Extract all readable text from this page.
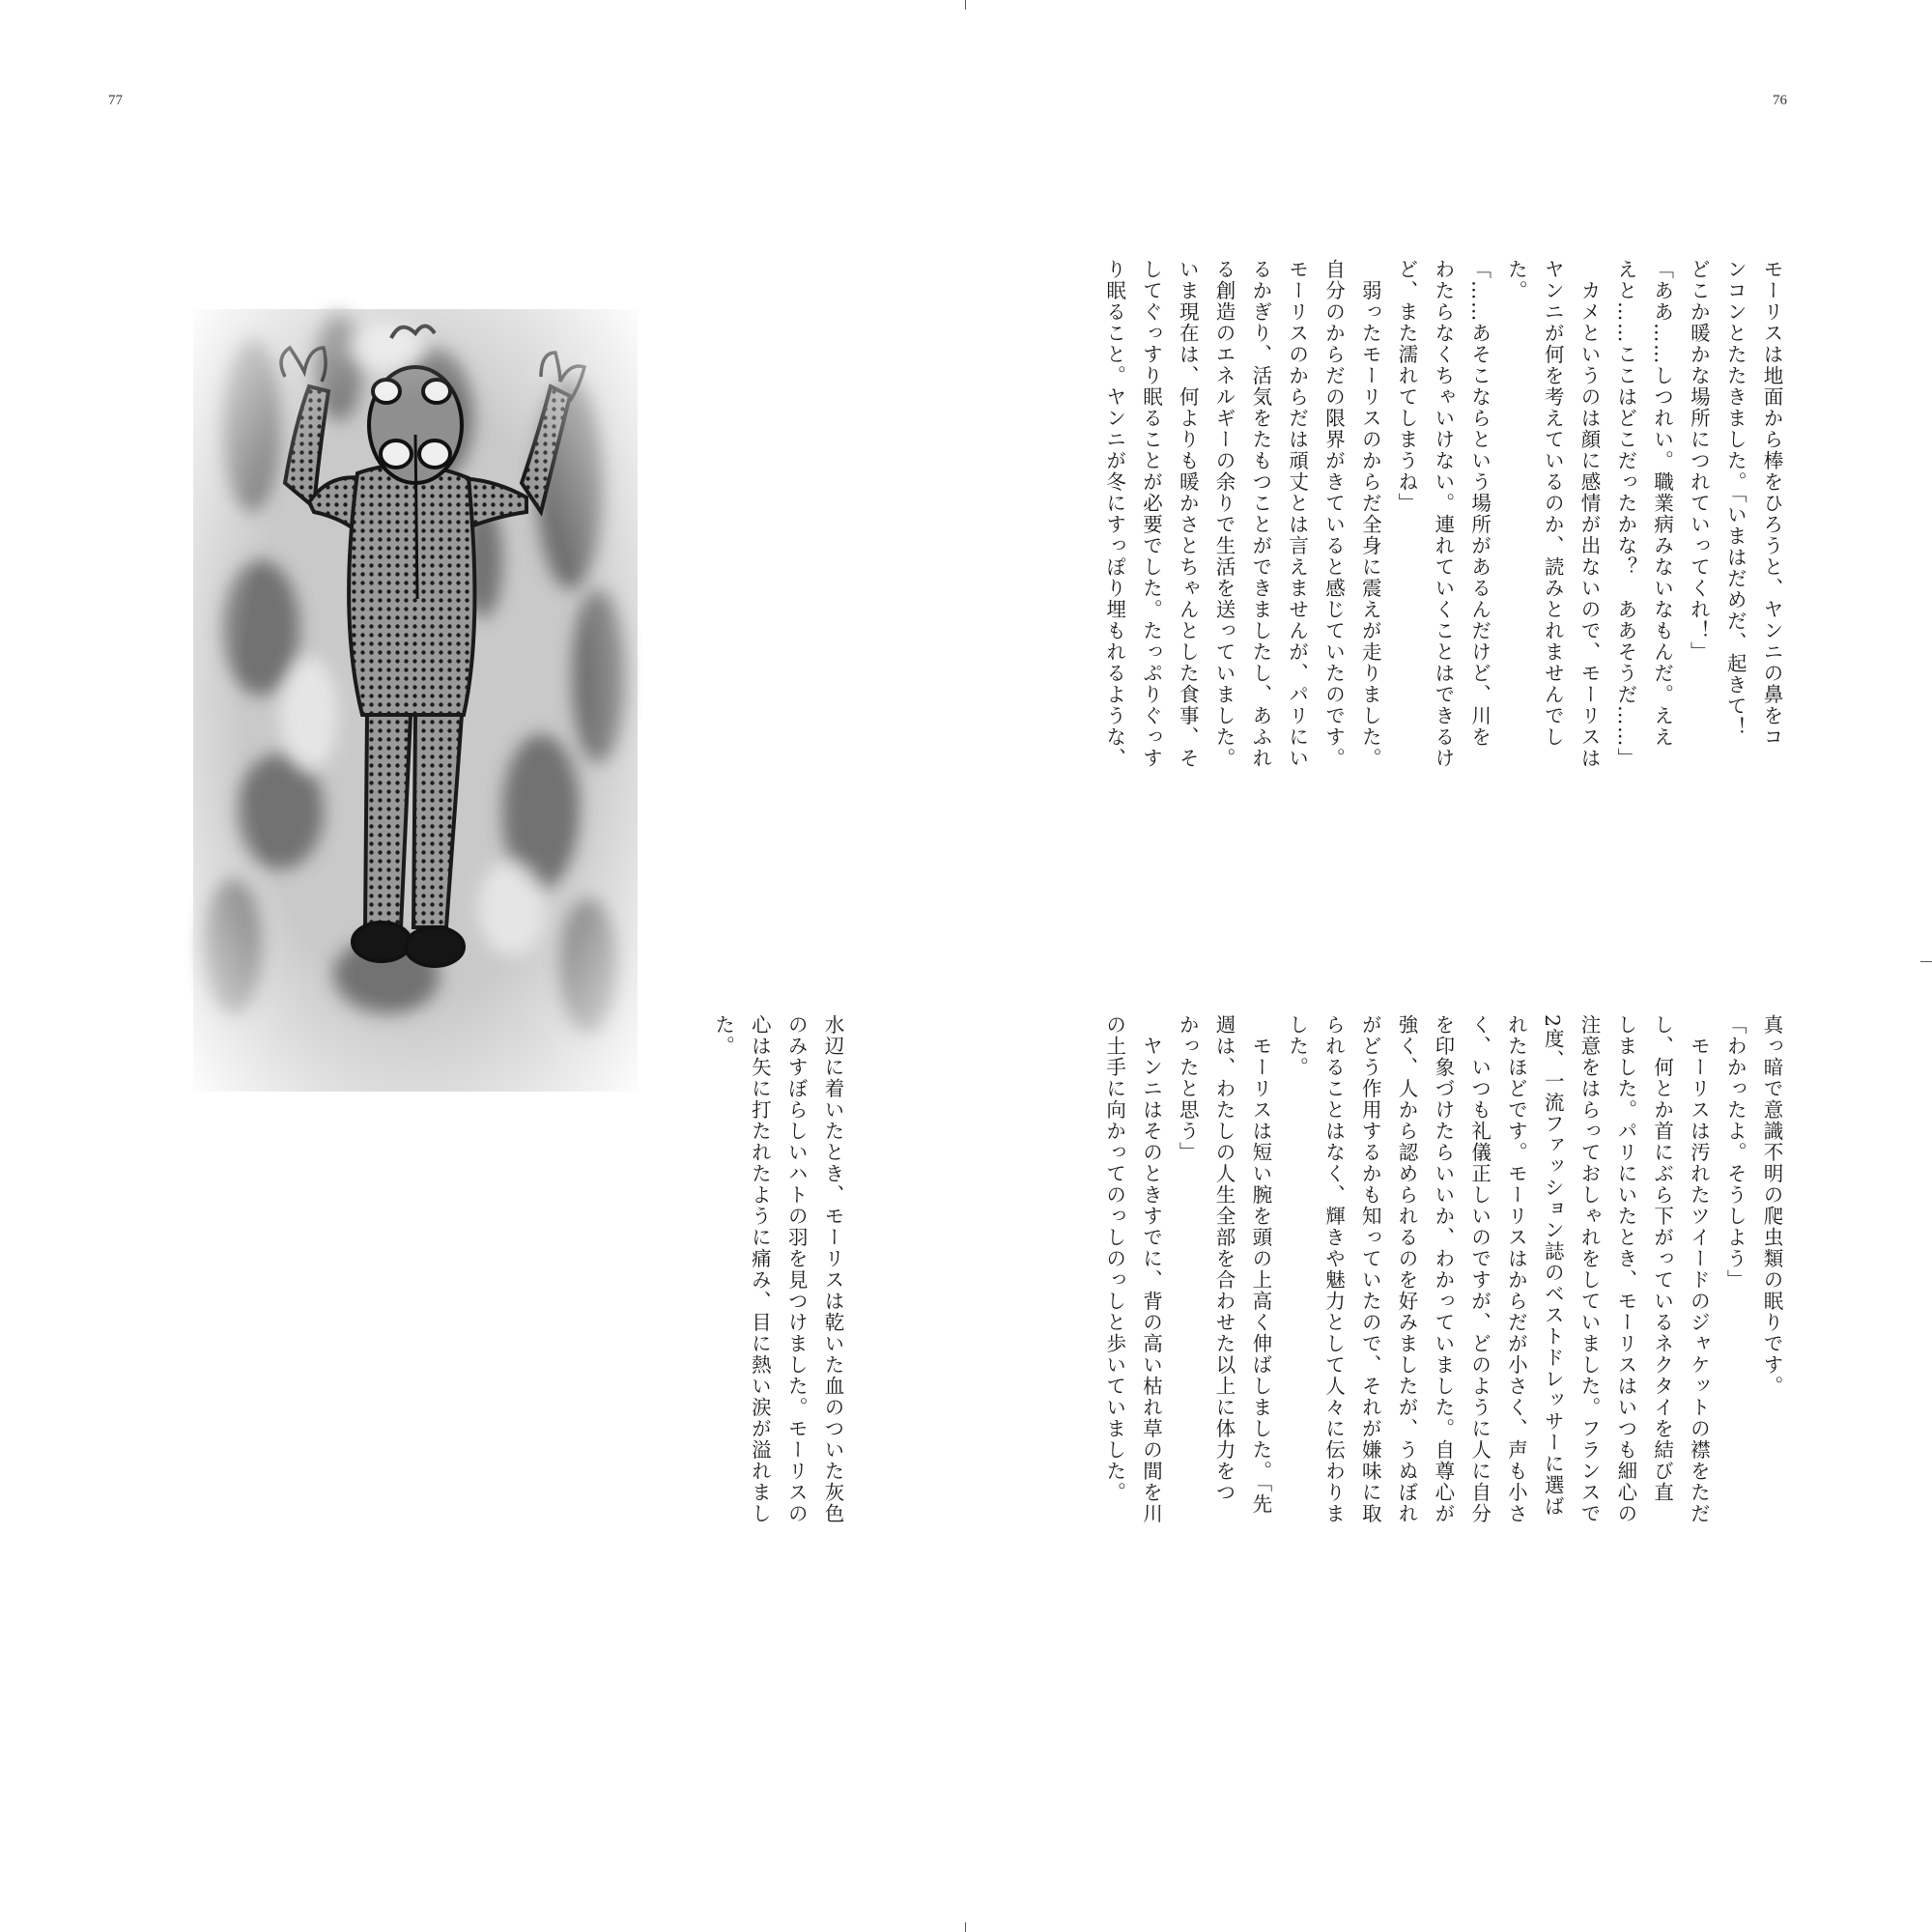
77	76
モーリスは地面から棒をひろうと、ヤンニの鼻をコ
ンコンとたたきました。「いまはだめだ、起きて！
どこか暖かな場所につれていってくれ！」
「ああ……しつれい。職業病みないなもんだ。ええ
えと……ここはどこだったかな？　ああそうだ……」
　カメというのは顔に感情が出ないので、モーリスは
ヤンニが何を考えているのか、読みとれませんでし
た。
「……あそこならという場所があるんだけど、川を
わたらなくちゃいけない。連れていくことはできるけ
ど、また濡れてしまうね」
　弱ったモーリスのからだ全身に震えが走りました。
自分のからだの限界がきていると感じていたのです。
モーリスのからだは頑丈とは言えませんが、パリにい
るかぎり、活気をたもつことができましたし、あふれ
る創造のエネルギーの余りで生活を送っていました。
いま現在は、何よりも暖かさとちゃんとした食事、そ
してぐっすり眠ることが必要でした。たっぷりぐっす
り眠ること。ヤンニが冬にすっぽり埋もれるような、
真っ暗で意識不明の爬虫類の眠りです。
「わかったよ。そうしよう」
　モーリスは汚れたツイードのジャケットの襟をただ
し、何とか首にぶら下がっているネクタイを結び直
しました。パリにいたとき、モーリスはいつも細心の
注意をはらっておしゃれをしていました。フランスで
2度、一流ファッション誌のベストドレッサーに選ば
れたほどです。モーリスはからだが小さく、声も小さ
く、いつも礼儀正しいのですが、どのように人に自分
を印象づけたらいいか、わかっていました。自尊心が
強く、人から認められるのを好みましたが、うぬぼれ
がどう作用するかも知っていたので、それが嫌味に取
られることはなく、輝きや魅力として人々に伝わりま
した。
　モーリスは短い腕を頭の上高く伸ばしました。「先
週は、わたしの人生全部を合わせた以上に体力をつ
かったと思う」
　ヤンニはそのときすでに、背の高い枯れ草の間を川
の土手に向かってのっしのっしと歩いていました。
水辺に着いたとき、モーリスは乾いた血のついた灰色
のみすぼらしいハトの羽を見つけました。モーリスの
心は矢に打たれたように痛み、目に熱い涙が溢れまし
た。
